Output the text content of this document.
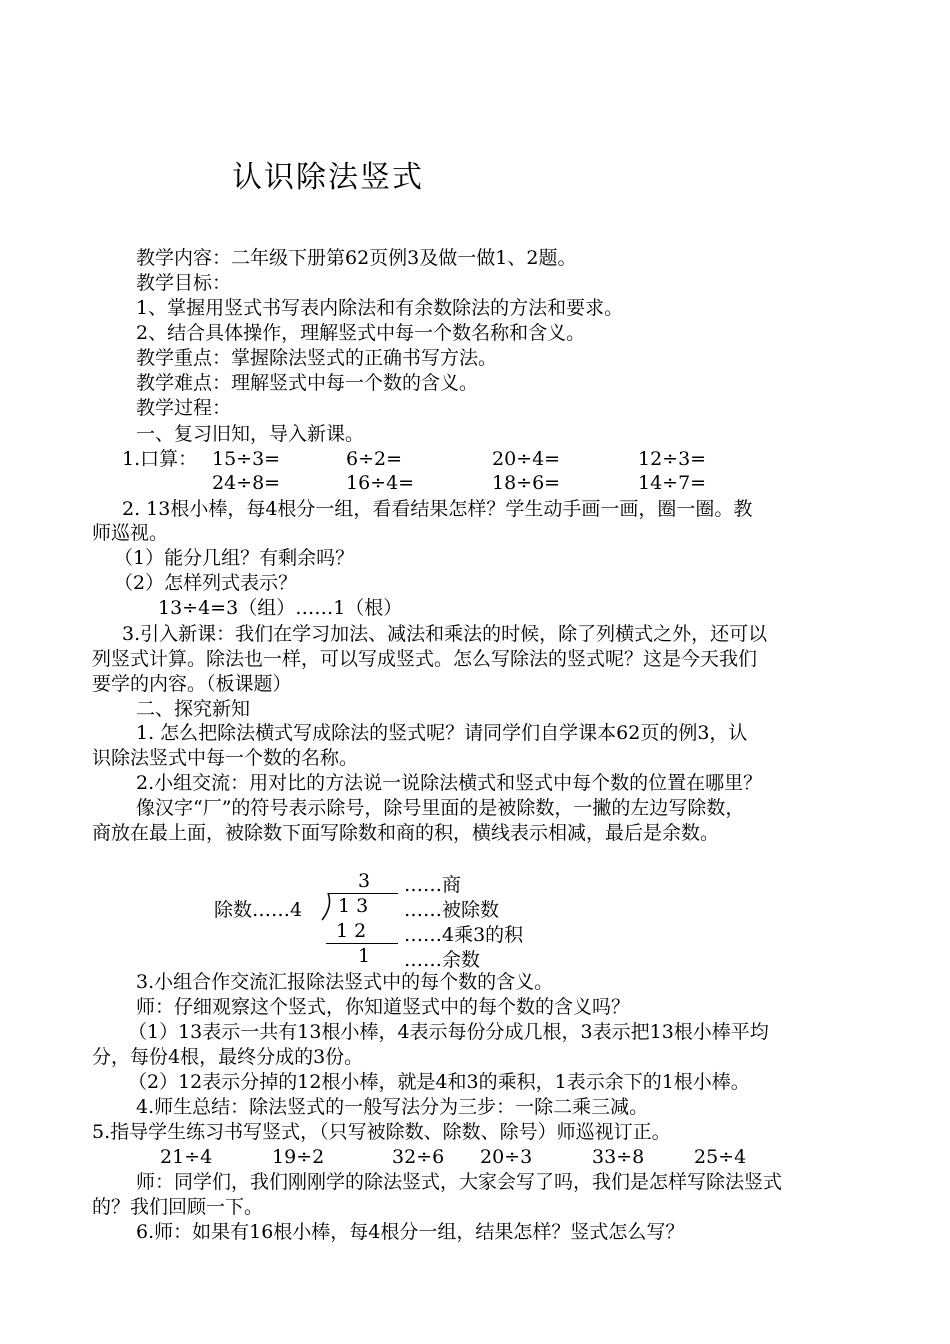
认识除法竖式
教学内容：二年级下册第62页例3及做一做1、2题。
教学目标：
1、掌握用竖式书写表内除法和有余数除法的方法和要求。
2、结合具体操作，理解竖式中每一个数名称和含义。
教学重点：掌握除法竖式的正确书写方法。
教学难点：理解竖式中每一个数的含义。
教学过程：
一、复习旧知，导入新课。
1.口算： 15÷3=	6÷2=	20÷4=	12÷3=
24÷8=	16÷4=	18÷6=	14÷7=
2. 13根小棒，每4根分一组，看看结果怎样？学生动手画一画，圈一圈。教
师巡视。
（1）能分几组？有剩余吗？
（2）怎样列式表示？
13÷4=3（组）……1（根）
3.引入新课：我们在学习加法、减法和乘法的时候，除了列横式之外，还可以
列竖式计算。除法也一样，可以写成竖式。怎么写除法的竖式呢？这是今天我们
要学的内容。（板课题）
二、探究新知
1. 怎么把除法横式写成除法的竖式呢？请同学们自学课本62页的例3，认
识除法竖式中每一个数的名称。
2.小组交流：用对比的方法说一说除法横式和竖式中每个数的位置在哪里？
像汉字“厂”的符号表示除号，除号里面的是被除数，一撇的左边写除数，
商放在最上面，被除数下面写除数和商的积，横线表示相减，最后是余数。
3 ……商
除数……4 1 3 ……被除数
1 2 ……4乘3的积
1 ……余数
3.小组合作交流汇报除法竖式中的每个数的含义。
师：仔细观察这个竖式，你知道竖式中的每个数的含义吗？
（1）13表示一共有13根小棒，4表示每份分成几根，3表示把13根小棒平均
分，每份4根，最终分成的3份。
（2）12表示分掉的12根小棒，就是4和3的乘积，1表示余下的1根小棒。
4.师生总结：除法竖式的一般写法分为三步：一除二乘三减。
5.指导学生练习书写竖式，（只写被除数、除数、除号）师巡视订正。
21÷4	19÷2	32÷6 20÷3	33÷8	25÷4
师：同学们，我们刚刚学的除法竖式，大家会写了吗，我们是怎样写除法竖式
的？我们回顾一下。
6.师：如果有16根小棒，每4根分一组，结果怎样？竖式怎么写？
